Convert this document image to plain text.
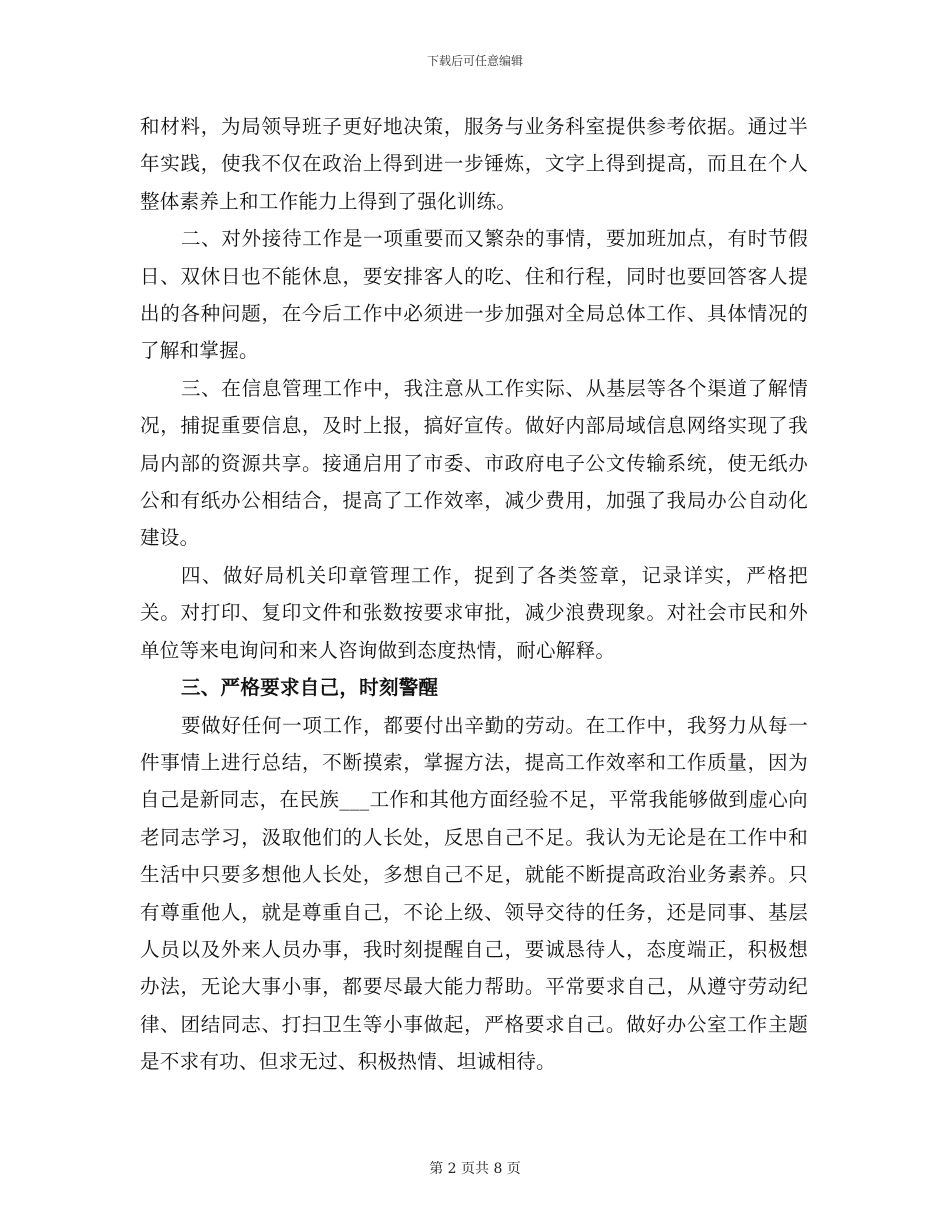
下载后可任意编辑

和材料，为局领导班子更好地决策，服务与业务科室提供参考依据。通过半年实践，使我不仅在政治上得到进一步锤炼，文字上得到提高，而且在个人整体素养上和工作能力上得到了强化训练。

二、对外接待工作是一项重要而又繁杂的事情，要加班加点，有时节假日、双休日也不能休息，要安排客人的吃、住和行程，同时也要回答客人提出的各种问题，在今后工作中必须进一步加强对全局总体工作、具体情况的了解和掌握。

三、在信息管理工作中，我注意从工作实际、从基层等各个渠道了解情况，捕捉重要信息，及时上报，搞好宣传。做好内部局域信息网络实现了我局内部的资源共享。接通启用了市委、市政府电子公文传输系统，使无纸办公和有纸办公相结合，提高了工作效率，减少费用，加强了我局办公自动化建设。

四、做好局机关印章管理工作，捉到了各类签章，记录详实，严格把关。对打印、复印文件和张数按要求审批，减少浪费现象。对社会市民和外单位等来电询问和来人咨询做到态度热情，耐心解释。

三、严格要求自己，时刻警醒

要做好任何一项工作，都要付出辛勤的劳动。在工作中，我努力从每一件事情上进行总结，不断摸索，掌握方法，提高工作效率和工作质量，因为自己是新同志，在民族___工作和其他方面经验不足，平常我能够做到虚心向老同志学习，汲取他们的人长处，反思自己不足。我认为无论是在工作中和生活中只要多想他人长处，多想自己不足，就能不断提高政治业务素养。只有尊重他人，就是尊重自己，不论上级、领导交待的任务，还是同事、基层人员以及外来人员办事，我时刻提醒自己，要诚恳待人，态度端正，积极想办法，无论大事小事，都要尽最大能力帮助。平常要求自己，从遵守劳动纪律、团结同志、打扫卫生等小事做起，严格要求自己。做好办公室工作主题是不求有功、但求无过、积极热情、坦诚相待。

第 2 页共 8 页
